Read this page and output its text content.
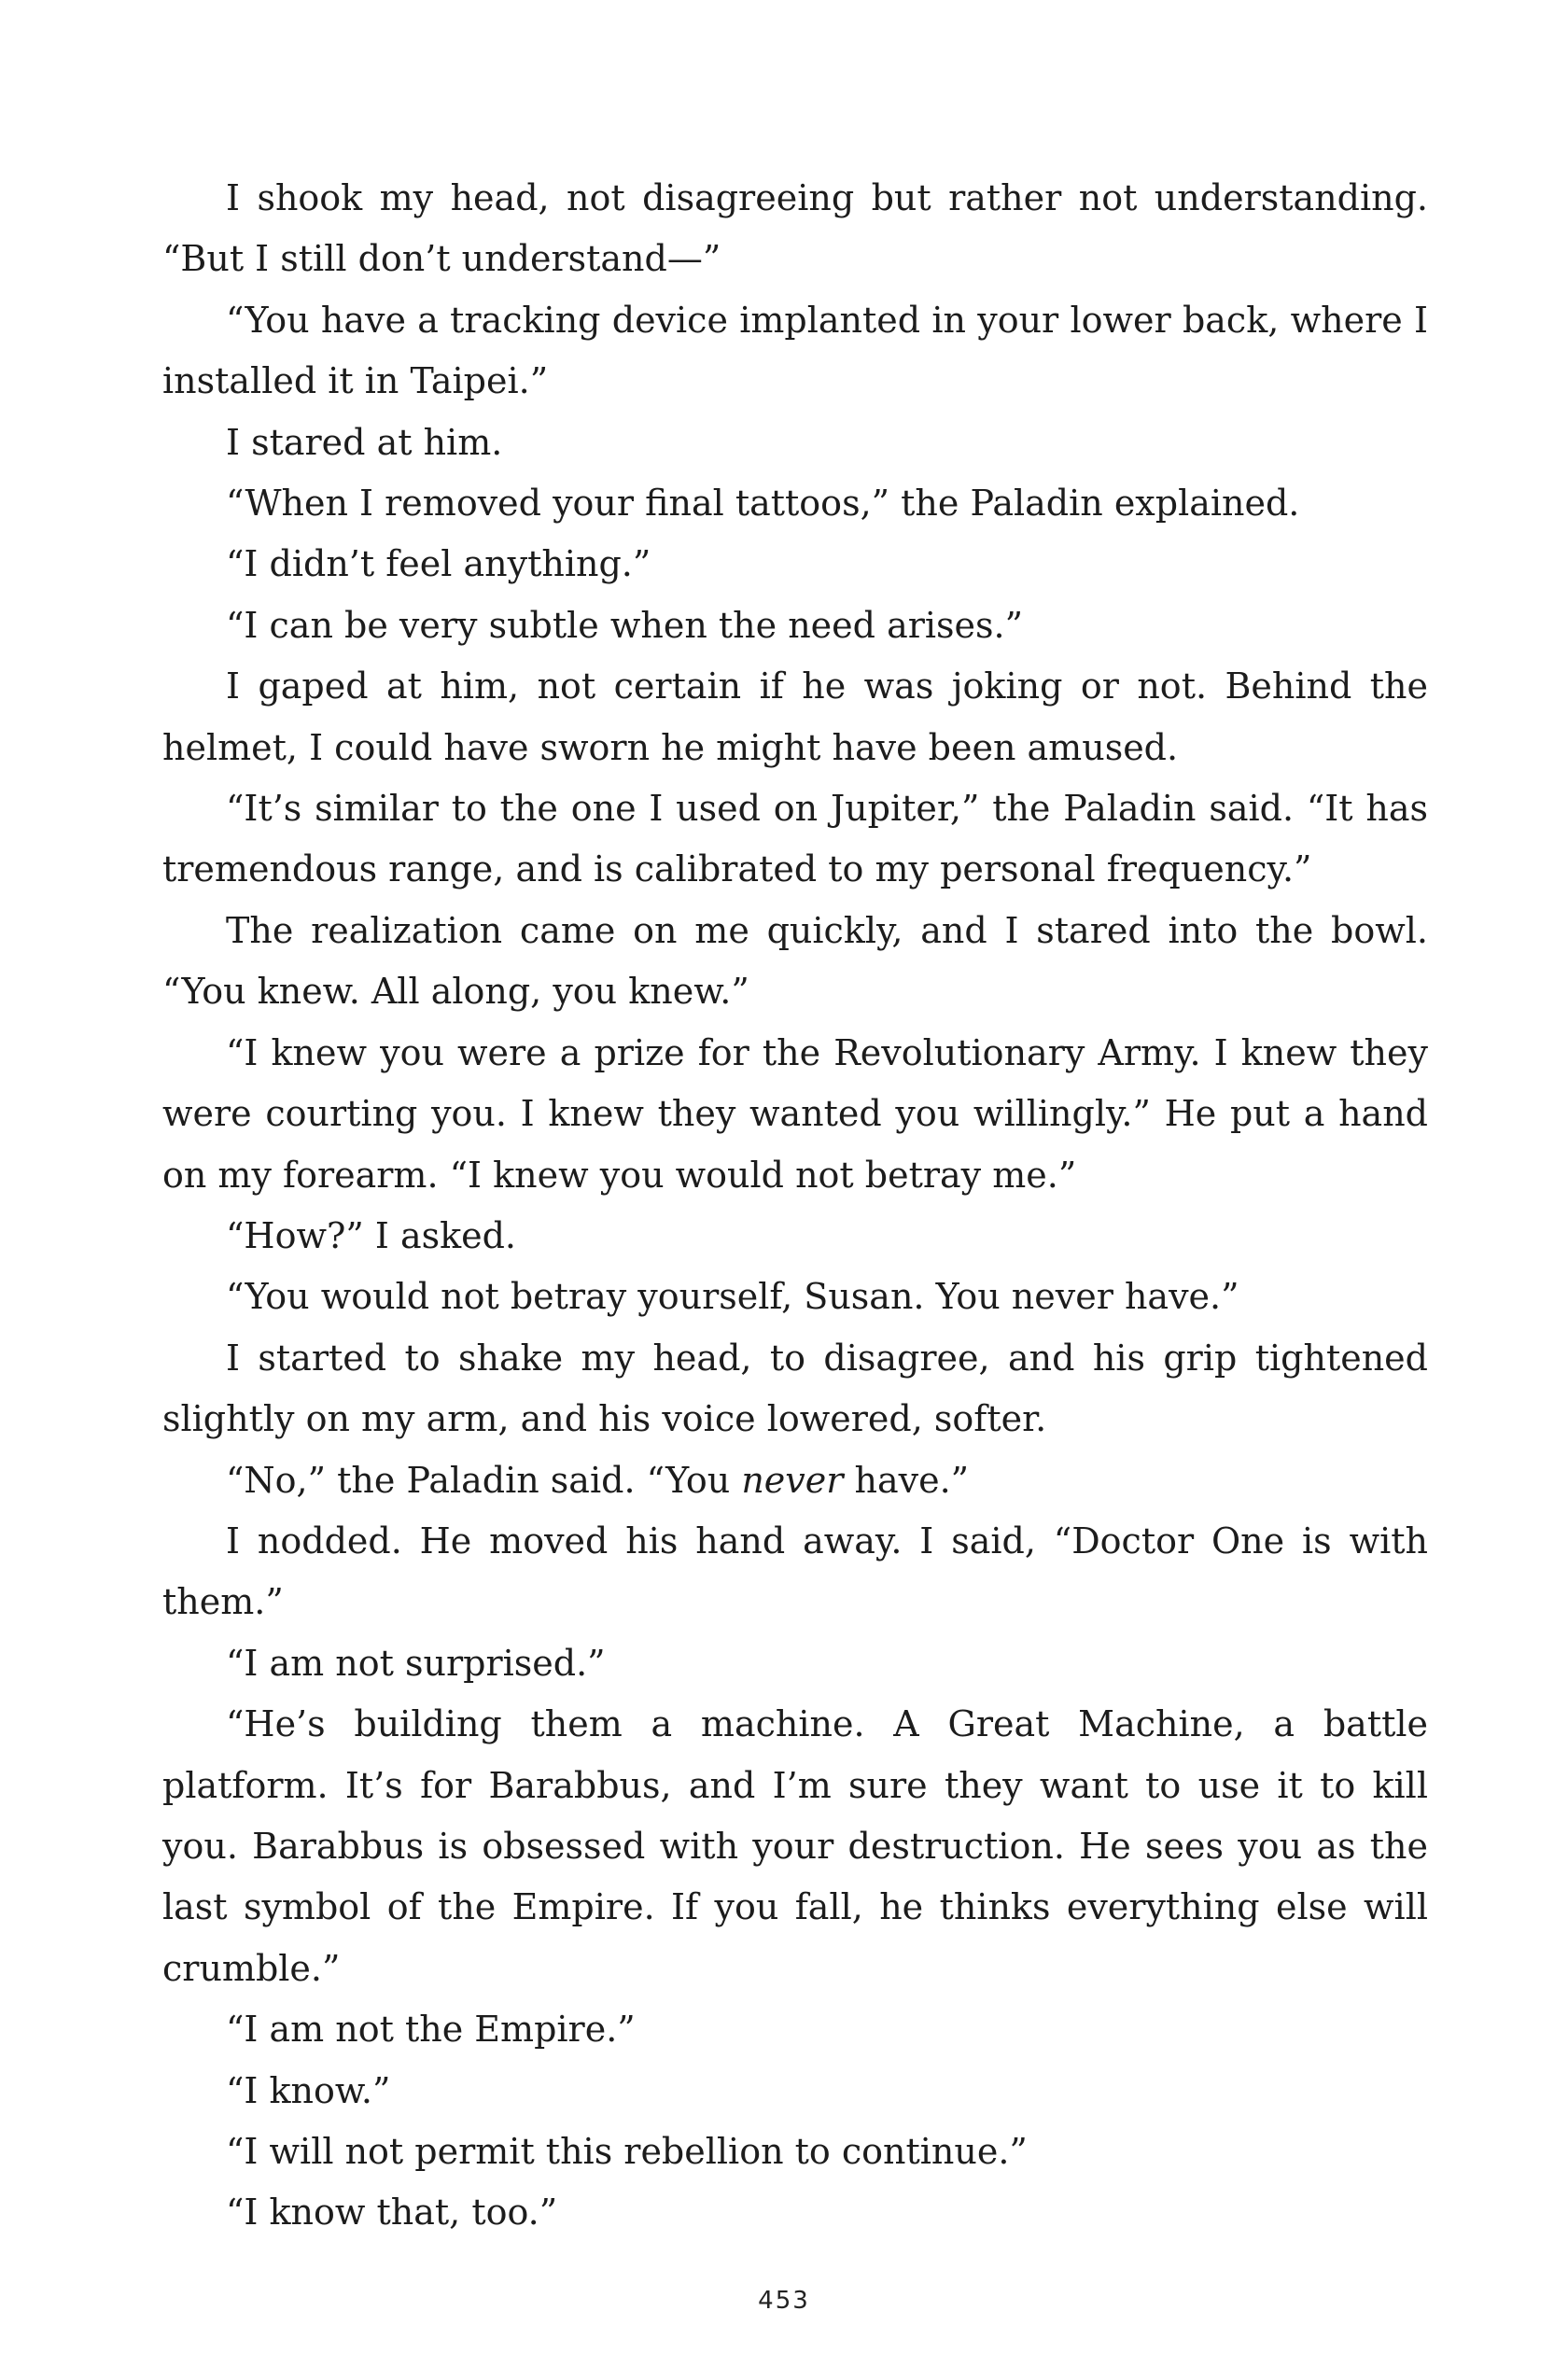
I shook my head, not disagreeing but rather not understanding. “But I still don’t understand—”

“You have a tracking device implanted in your lower back, where I installed it in Taipei.”

I stared at him.

“When I removed your final tattoos,” the Paladin explained.

“I didn’t feel anything.”

“I can be very subtle when the need arises.”

I gaped at him, not certain if he was joking or not. Behind the helmet, I could have sworn he might have been amused.

“It’s similar to the one I used on Jupiter,” the Paladin said. “It has tremendous range, and is calibrated to my personal frequency.”

The realization came on me quickly, and I stared into the bowl. “You knew. All along, you knew.”

“I knew you were a prize for the Revolutionary Army. I knew they were courting you. I knew they wanted you willingly.” He put a hand on my forearm. “I knew you would not betray me.”

“How?” I asked.

“You would not betray yourself, Susan. You never have.”

I started to shake my head, to disagree, and his grip tightened slightly on my arm, and his voice lowered, softer.

“No,” the Paladin said. “You never have.”

I nodded. He moved his hand away. I said, “Doctor One is with them.”

“I am not surprised.”

“He’s building them a machine. A Great Machine, a battle platform. It’s for Barabbus, and I’m sure they want to use it to kill you. Barabbus is obsessed with your destruction. He sees you as the last symbol of the Empire. If you fall, he thinks everything else will crumble.”

“I am not the Empire.”

“I know.”

“I will not permit this rebellion to continue.”

“I know that, too.”

453
